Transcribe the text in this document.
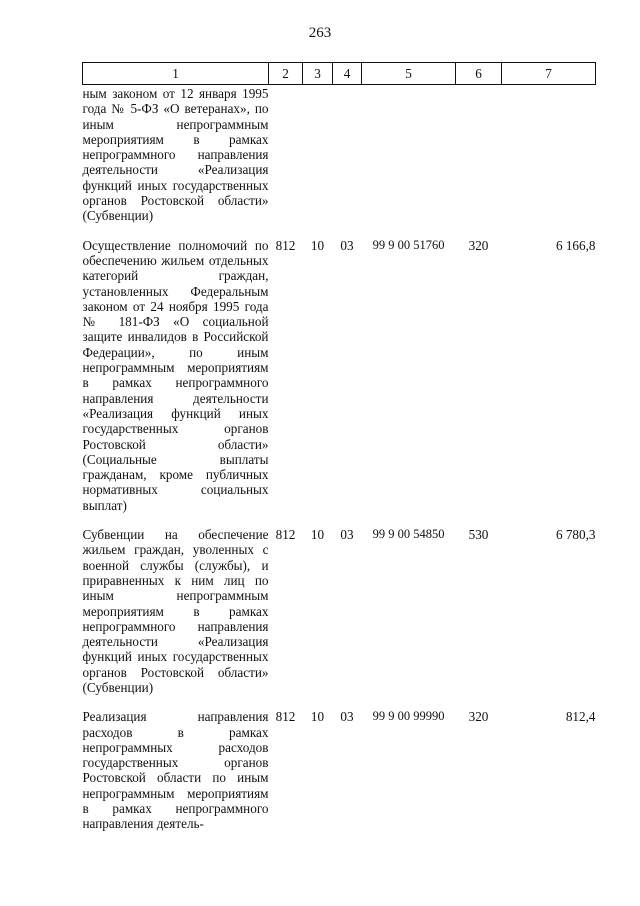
263
1	2	3	4	5	6	7
ным законом от 12 января 1995 года № 5-ФЗ «О ветеранах», по иным непрограммным мероприятиям в рамках непрограммного направления деятельности «Реализация функций иных государственных органов Ростовской области» (Субвенции)						
Осуществление полномочий по обеспечению жильем отдельных категорий граждан, установленных Федеральным законом от 24 ноября 1995 года № 181-ФЗ «О социальной защите инвалидов в Российской Федерации», по иным непрограммным мероприятиям в рамках непрограммного направления деятельности «Реализация функций иных государственных органов Ростовской области» (Социальные выплаты гражданам, кроме публичных нормативных социальных выплат)	812	10	03	99 9 00 51760	320	6 166,8
Субвенции на обеспечение жильем граждан, уволенных с военной службы (службы), и приравненных к ним лиц по иным непрограммным мероприятиям в рамках непрограммного направления деятельности «Реализация функций иных государственных органов Ростовской области» (Субвенции)	812	10	03	99 9 00 54850	530	6 780,3
Реализация направления расходов в рамках непрограммных расходов государственных органов Ростовской области по иным непрограммным мероприятиям в рамках непрограммного направления деятель-	812	10	03	99 9 00 99990	320	812,4
